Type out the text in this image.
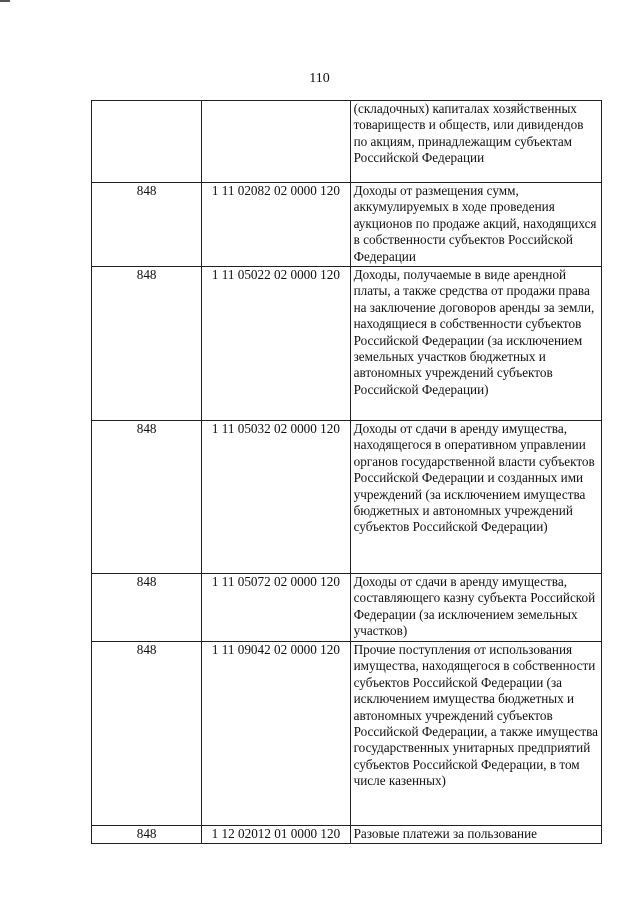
110
		(складочных) капиталах хозяйственных товариществ и обществ, или дивидендов по акциям, принадлежащим субъектам Российской Федерации
848	1 11 02082 02 0000 120	Доходы от размещения сумм, аккумулируемых в ходе проведения аукционов по продаже акций, находящихся в собственности субъектов Российской Федерации
848	1 11 05022 02 0000 120	Доходы, получаемые в виде арендной платы, а также средства от продажи права на заключение договоров аренды за земли, находящиеся в собственности субъектов Российской Федерации (за исключением земельных участков бюджетных и автономных учреждений субъектов Российской Федерации)
848	1 11 05032 02 0000 120	Доходы от сдачи в аренду имущества, находящегося в оперативном управлении органов государственной власти субъектов Российской Федерации и созданных ими учреждений (за исключением имущества бюджетных и автономных учреждений субъектов Российской Федерации)
848	1 11 05072 02 0000 120	Доходы от сдачи в аренду имущества, составляющего казну субъекта Российской Федерации (за исключением земельных участков)
848	1 11 09042 02 0000 120	Прочие поступления от использования имущества, находящегося в собственности субъектов Российской Федерации (за исключением имущества бюджетных и автономных учреждений субъектов Российской Федерации, а также имущества государственных унитарных предприятий субъектов Российской Федерации, в том числе казенных)
848	1 12 02012 01 0000 120	Разовые платежи за пользование
